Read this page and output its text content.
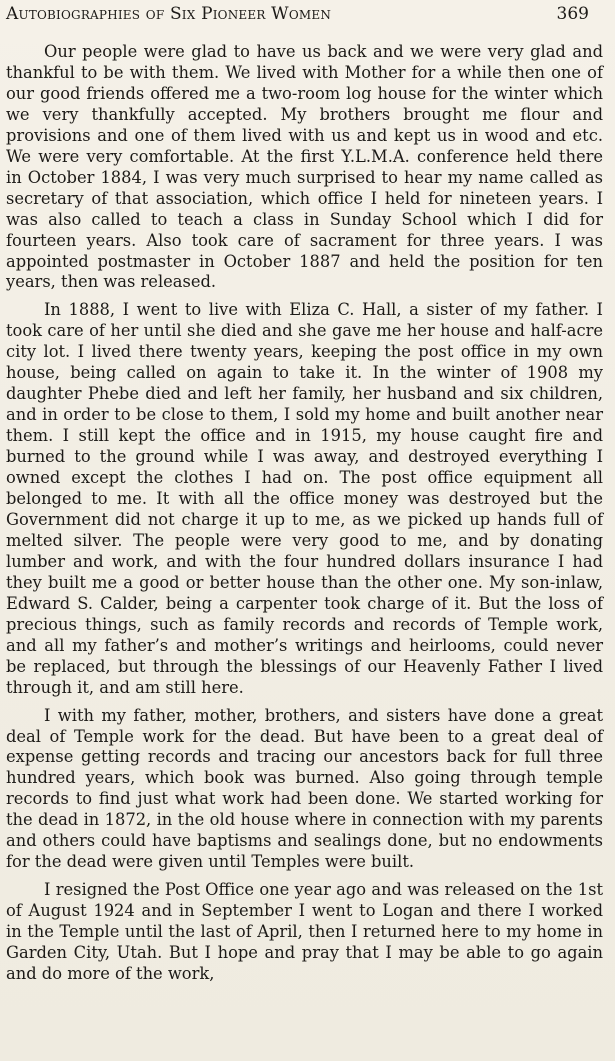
Autobiographies of Six Pioneer Women	369

Our people were glad to have us back and we were very glad and thankful to be with them. We lived with Mother for a while then one of our good friends offered me a two-room log house for the winter which we very thankfully accepted. My brothers brought me flour and provisions and one of them lived with us and kept us in wood and etc. We were very comfortable. At the first Y.L.M.A. conference held there in October 1884, I was very much surprised to hear my name called as secretary of that association, which office I held for nineteen years. I was also called to teach a class in Sunday School which I did for fourteen years. Also took care of sacrament for three years. I was appointed postmaster in October 1887 and held the position for ten years, then was released.

In 1888, I went to live with Eliza C. Hall, a sister of my father. I took care of her until she died and she gave me her house and half-acre city lot. I lived there twenty years, keeping the post office in my own house, being called on again to take it. In the winter of 1908 my daughter Phebe died and left her family, her husband and six children, and in order to be close to them, I sold my home and built another near them. I still kept the office and in 1915, my house caught fire and burned to the ground while I was away, and destroyed everything I owned except the clothes I had on. The post office equipment all belonged to me. It with all the office money was destroyed but the Government did not charge it up to me, as we picked up hands full of melted silver. The people were very good to me, and by donating lumber and work, and with the four hundred dollars insurance I had they built me a good or better house than the other one. My son-inlaw, Edward S. Calder, being a carpenter took charge of it. But the loss of precious things, such as family records and records of Temple work, and all my father’s and mother’s writings and heirlooms, could never be replaced, but through the blessings of our Heavenly Father I lived through it, and am still here.

I with my father, mother, brothers, and sisters have done a great deal of Temple work for the dead. But have been to a great deal of expense getting records and tracing our ancestors back for full three hundred years, which book was burned. Also going through temple records to find just what work had been done. We started working for the dead in 1872, in the old house where in connection with my parents and others could have baptisms and sealings done, but no endowments for the dead were given until Temples were built.

I resigned the Post Office one year ago and was released on the 1st of August 1924 and in September I went to Logan and there I worked in the Temple until the last of April, then I returned here to my home in Garden City, Utah. But I hope and pray that I may be able to go again and do more of the work,
